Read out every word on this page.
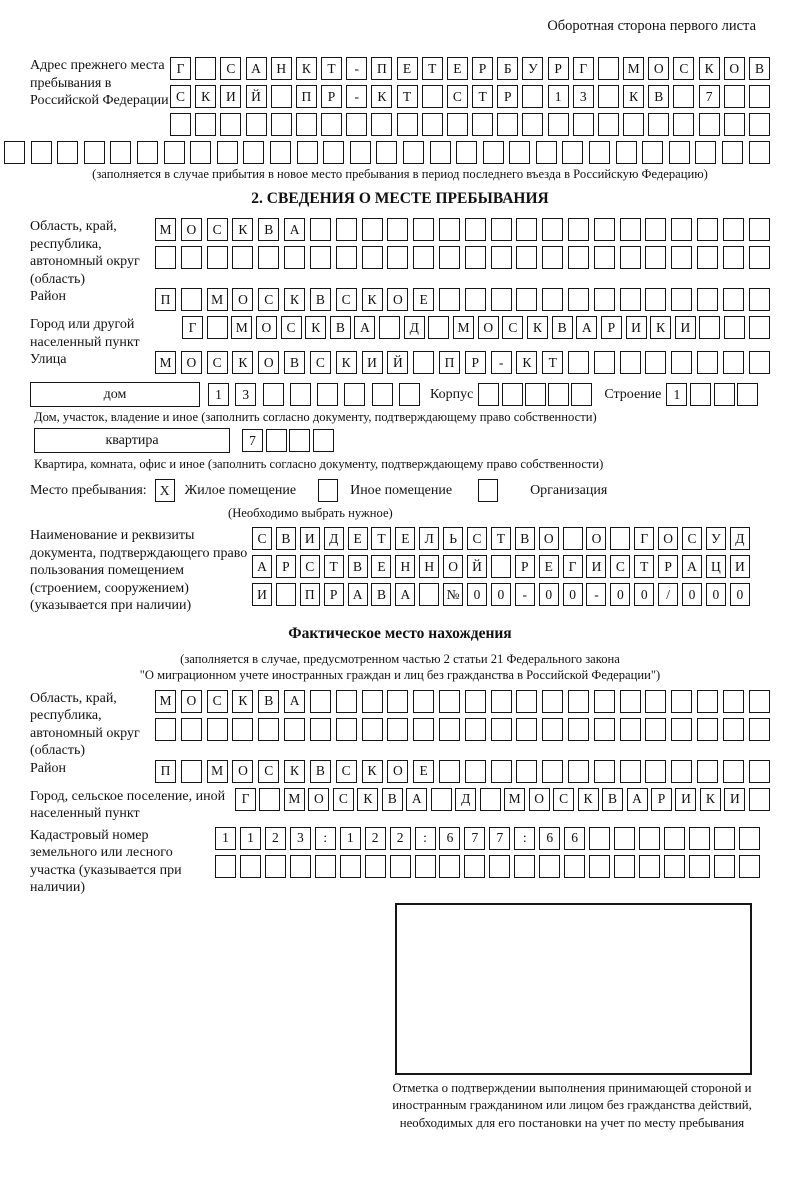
Оборотная сторона первого листа
Адрес прежнего места пребывания в Российской Федерации
Г	С	А	Н	К	Т	-	П	Е	Т	Е	Р	Б	У	Р	Г	М	О	С	К	О	В
С	К	И	Й	П	Р	-	К	Т	С	Т	Р	1	3	К	В	7
(заполняется в случае прибытия в новое место пребывания в период последнего въезда в Российскую Федерацию)
2. СВЕДЕНИЯ О МЕСТЕ ПРЕБЫВАНИЯ
Область, край, республика, автономный округ (область)
М	О	С	К	В	А
Район	П	М	О	С	К	В	С	К	О	Е
Город или другой населенный пункт
Г	М	О	С	К	В	А	Д	М	О	С	К	В	А	Р	И	К	И
Улица	М	О	С	К	О	В	С	К	И	Й	П	Р	-	К	Т
дом	1	3	Корпус	Строение 1
Дом, участок, владение и иное (заполнить согласно документу, подтверждающему право собственности)
квартира	7
Квартира, комната, офис и иное (заполнить согласно документу, подтверждающему право собственности)
Место пребывания: X	Жилое помещение	Иное помещение	Организация
(Необходимо выбрать нужное)
Наименование и реквизиты документа, подтверждающего право пользования помещением (строением, сооружением) (указывается при наличии)
С	В	И	Д	Е	Т	Е	Л	Ь	С	Т	В	О	О	Г	О	С	У	Д
А	Р	С	Т	В	Е	Н	Н	О	Й	Р	Е	Г	И	С	Т	Р	А	Ц	И
И	П	Р	А	В	А	№	0	0	-	0	0	-	0	0	/	0	0	0
Фактическое место нахождения
(заполняется в случае, предусмотренном частью 2 статьи 21 Федерального закона
"О миграционном учете иностранных граждан и лиц без гражданства в Российской Федерации")
Область, край, республика, автономный округ (область)
М	О	С	К	В	А
Район	П	М	О	С	К	В	С	К	О	Е
Город, сельское поселение, иной населенный пункт
Г	М	О	С	К	В	А	Д	М	О	С	К	В	А	Р	И	К	И
Кадастровый номер земельного или лесного участка (указывается при наличии)
1	1	2	3	:	1	2	2	:	6	7	7	:	6	6
Отметка о подтверждении выполнения принимающей стороной и иностранным гражданином или лицом без гражданства действий, необходимых для его постановки на учет по месту пребывания
